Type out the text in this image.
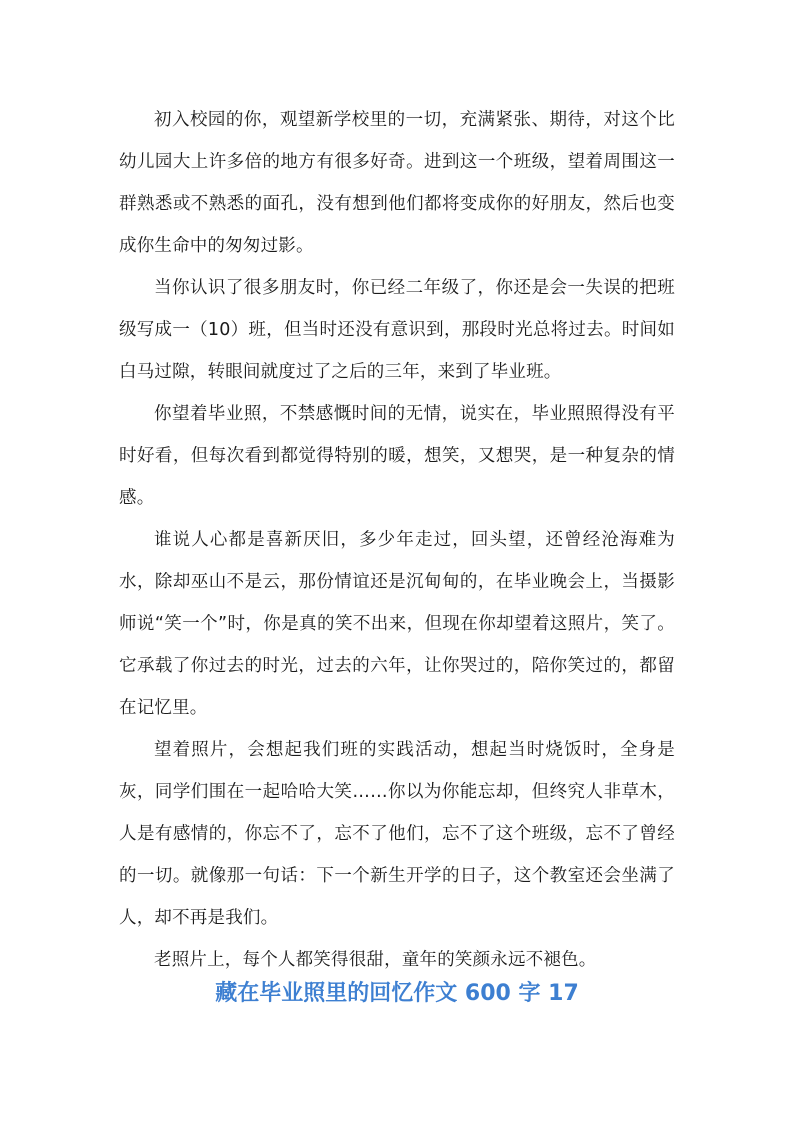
初入校园的你，观望新学校里的一切，充满紧张、期待，对这个比幼儿园大上许多倍的地方有很多好奇。进到这一个班级，望着周围这一群熟悉或不熟悉的面孔，没有想到他们都将变成你的好朋友，然后也变成你生命中的匆匆过影。

当你认识了很多朋友时，你已经二年级了，你还是会一失误的把班级写成一（10）班，但当时还没有意识到，那段时光总将过去。时间如白马过隙，转眼间就度过了之后的三年，来到了毕业班。

你望着毕业照，不禁感慨时间的无情，说实在，毕业照照得没有平时好看，但每次看到都觉得特别的暖，想笑，又想哭，是一种复杂的情感。

谁说人心都是喜新厌旧，多少年走过，回头望，还曾经沧海难为水，除却巫山不是云，那份情谊还是沉甸甸的，在毕业晚会上，当摄影师说“笑一个”时，你是真的笑不出来，但现在你却望着这照片，笑了。它承载了你过去的时光，过去的六年，让你哭过的，陪你笑过的，都留在记忆里。

望着照片，会想起我们班的实践活动，想起当时烧饭时，全身是灰，同学们围在一起哈哈大笑……你以为你能忘却，但终究人非草木，人是有感情的，你忘不了，忘不了他们，忘不了这个班级，忘不了曾经的一切。就像那一句话：下一个新生开学的日子，这个教室还会坐满了人，却不再是我们。

老照片上，每个人都笑得很甜，童年的笑颜永远不褪色。

藏在毕业照里的回忆作文 600 字 17
